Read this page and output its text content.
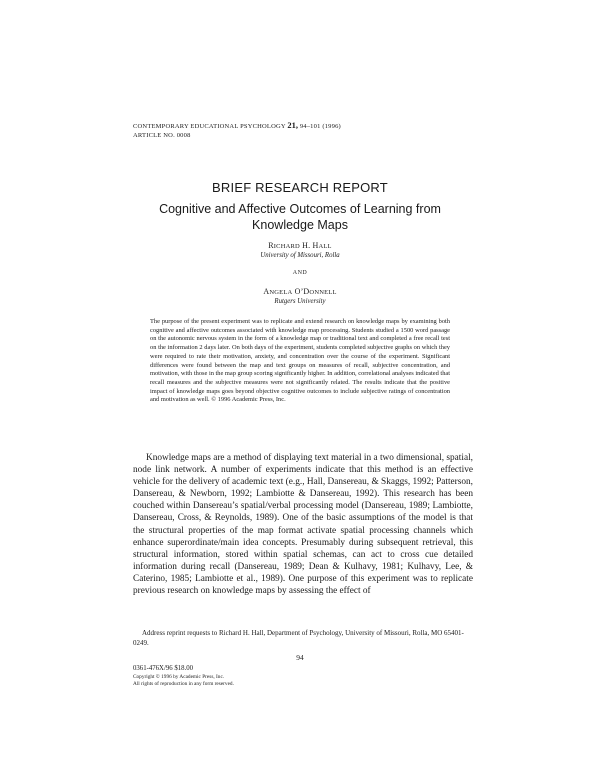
CONTEMPORARY EDUCATIONAL PSYCHOLOGY 21, 94–101 (1996)
ARTICLE NO. 0008
BRIEF RESEARCH REPORT
Cognitive and Affective Outcomes of Learning from
Knowledge Maps
RICHARD H. HALL
University of Missouri, Rolla
AND
ANGELA O’DONNELL
Rutgers University
The purpose of the present experiment was to replicate and extend research on knowledge maps by examining both cognitive and affective outcomes associated with knowledge map processing. Students studied a 1500 word passage on the autonomic nervous system in the form of a knowledge map or traditional text and completed a free recall test on the information 2 days later. On both days of the experiment, students completed subjective graphs on which they were required to rate their motivation, anxiety, and concentration over the course of the experiment. Significant differences were found between the map and text groups on measures of recall, subjective concentration, and motivation, with those in the map group scoring significantly higher. In addition, correlational analyses indicated that recall measures and the subjective measures were not significantly related. The results indicate that the positive impact of knowledge maps goes beyond objective cognitive outcomes to include subjective ratings of concentration and motivation as well. © 1996 Academic Press, Inc.

Knowledge maps are a method of displaying text material in a two dimensional, spatial, node link network. A number of experiments indicate that this method is an effective vehicle for the delivery of academic text (e.g., Hall, Dansereau, & Skaggs, 1992; Patterson, Dansereau, & Newborn, 1992; Lambiotte & Dansereau, 1992). This research has been couched within Dansereau’s spatial/verbal processing model (Dansereau, 1989; Lambiotte, Dansereau, Cross, & Reynolds, 1989). One of the basic assumptions of the model is that the structural properties of the map format activate spatial processing channels which enhance superordinate/main idea concepts. Presumably during subsequent retrieval, this structural information, stored within spatial schemas, can act to cross cue detailed information during recall (Dansereau, 1989; Dean & Kulhavy, 1981; Kulhavy, Lee, & Caterino, 1985; Lambiotte et al., 1989). One purpose of this experiment was to replicate previous research on knowledge maps by assessing the effect of

Address reprint requests to Richard H. Hall, Department of Psychology, University of Missouri, Rolla, MO 65401-0249.
94
0361-476X/96 $18.00
Copyright © 1996 by Academic Press, Inc.
All rights of reproduction in any form reserved.
